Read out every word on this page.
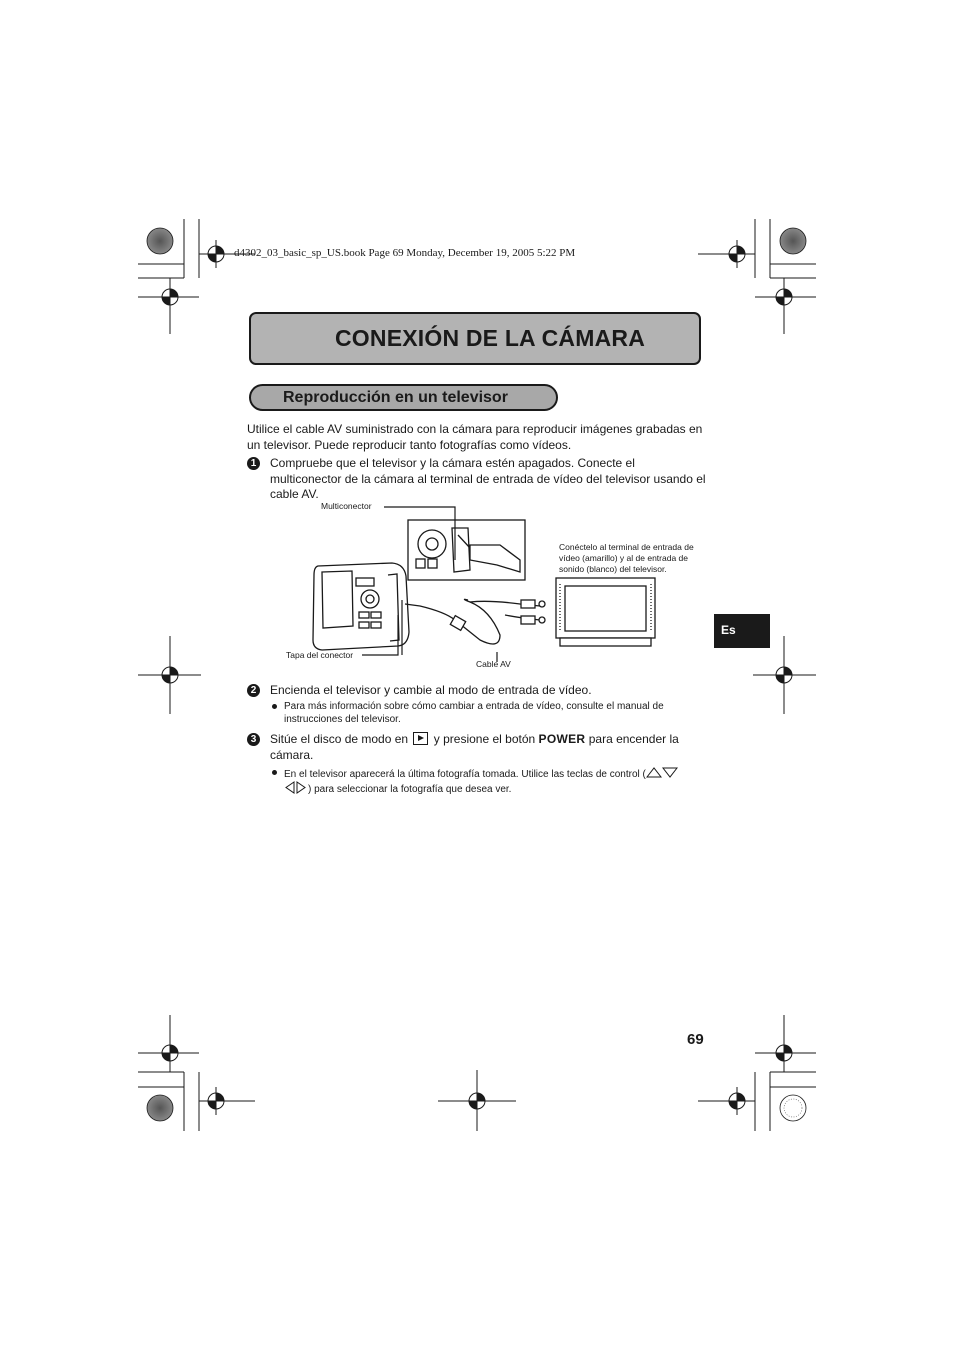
d4302_03_basic_sp_US.book Page 69 Monday, December 19, 2005 5:22 PM
CONEXIÓN DE LA CÁMARA
Reproducción en un televisor
Utilice el cable AV suministrado con la cámara para reproducir imágenes grabadas en un televisor. Puede reproducir tanto fotografías como vídeos.
1	Compruebe que el televisor y la cámara estén apagados. Conecte el multiconector de la cámara al terminal de entrada de vídeo del televisor usando el cable AV.
Multiconector
Conéctelo al terminal de entrada de vídeo (amarillo) y al de entrada de sonido (blanco) del televisor.
Tapa del conector
Cable AV
2	Encienda el televisor y cambie al modo de entrada de vídeo.
Para más información sobre cómo cambiar a entrada de vídeo, consulte el manual de instrucciones del televisor.
3	Sitúe el disco de modo en y presione el botón POWER para encender la cámara.
En el televisor aparecerá la última fotografía tomada. Utilice las teclas de control (
) para seleccionar la fotografía que desea ver.
Es
69
